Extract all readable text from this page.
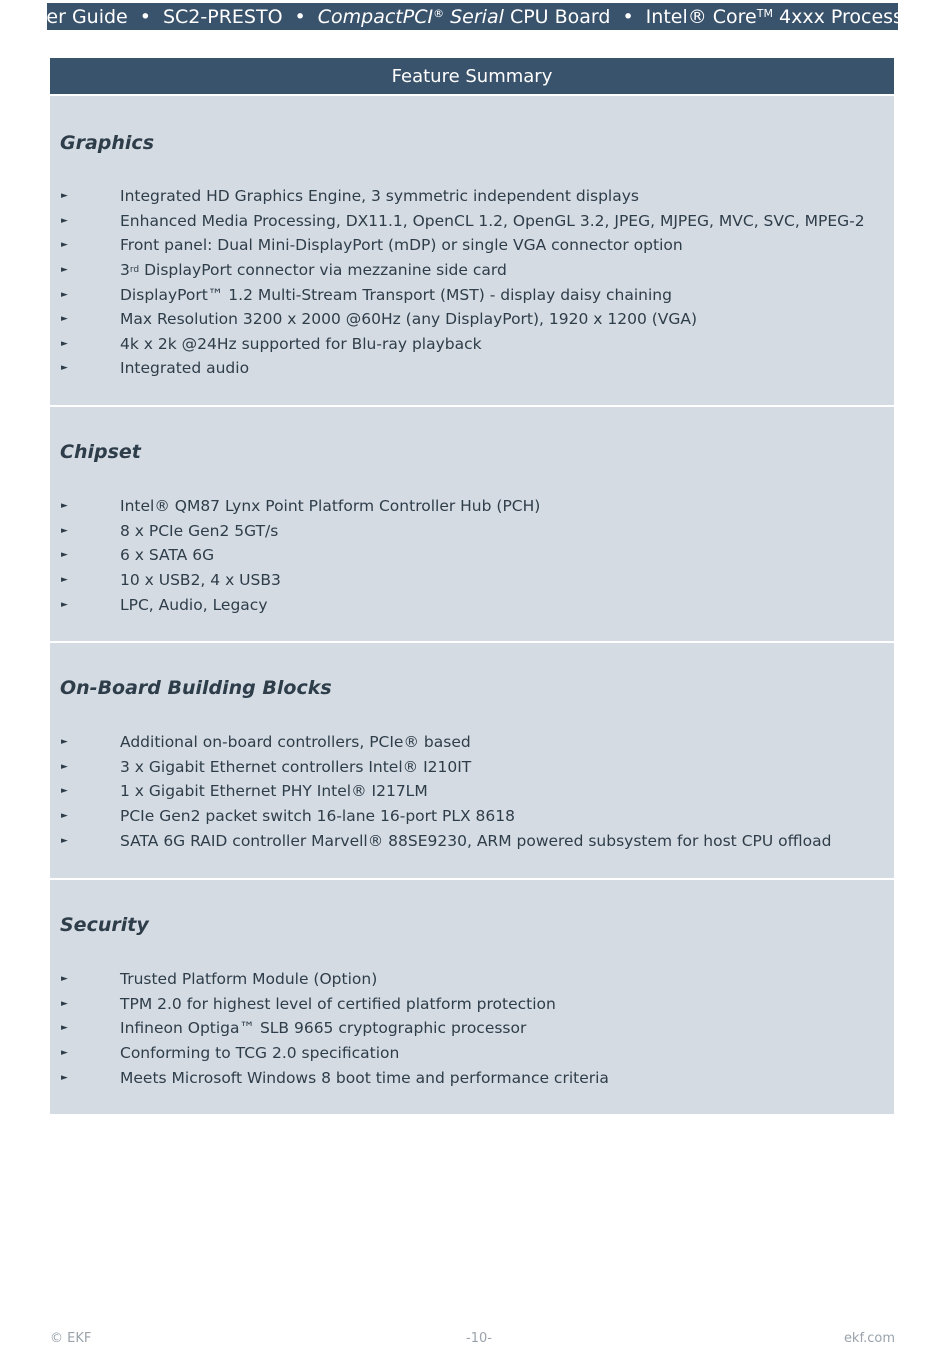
User Guide • SC2-PRESTO • CompactPCI®
Serial
CPU Board • Intel® Core™
4xxx Processor
Feature Summary
Graphics
►	Integrated HD Graphics Engine, 3 symmetric independent displays
►	Enhanced Media Processing, DX11.1, OpenCL 1.2, OpenGL 3.2, JPEG, MJPEG, MVC, SVC, MPEG-2
►	Front panel: Dual Mini-DisplayPort (mDP) or single VGA connector option
►	3 rd
DisplayPort connector via mezzanine side card
►	DisplayPort™ 1.2 Multi-Stream Transport (MST) - display daisy chaining
►	Max Resolution 3200 x 2000 @60Hz (any DisplayPort), 1920 x 1200 (VGA)
►	4k x 2k @24Hz supported for Blu-ray playback
►	Integrated audio
Chipset
►	Intel® QM87 Lynx Point Platform Controller Hub (PCH)
►	8 x PCIe Gen2 5GT/s
►	6 x SATA 6G
►	10 x USB2, 4 x USB3
►	LPC, Audio, Legacy
On-Board Building Blocks
►	Additional on-board controllers, PCIe® based
►	3 x Gigabit Ethernet controllers Intel® I210IT
►	1 x Gigabit Ethernet PHY Intel® I217LM
►	PCIe Gen2 packet switch 16-lane 16-port PLX 8618
►	SATA 6G RAID controller Marvell® 88SE9230, ARM powered subsystem for host CPU offload
Security
►	Trusted Platform Module (Option)
►	TPM 2.0 for highest level of certified platform protection
►	Infineon Optiga™ SLB 9665 cryptographic processor
►	Conforming to TCG 2.0 specification
►	Meets Microsoft Windows 8 boot time and performance criteria
© EKF	-10-	ekf.com
